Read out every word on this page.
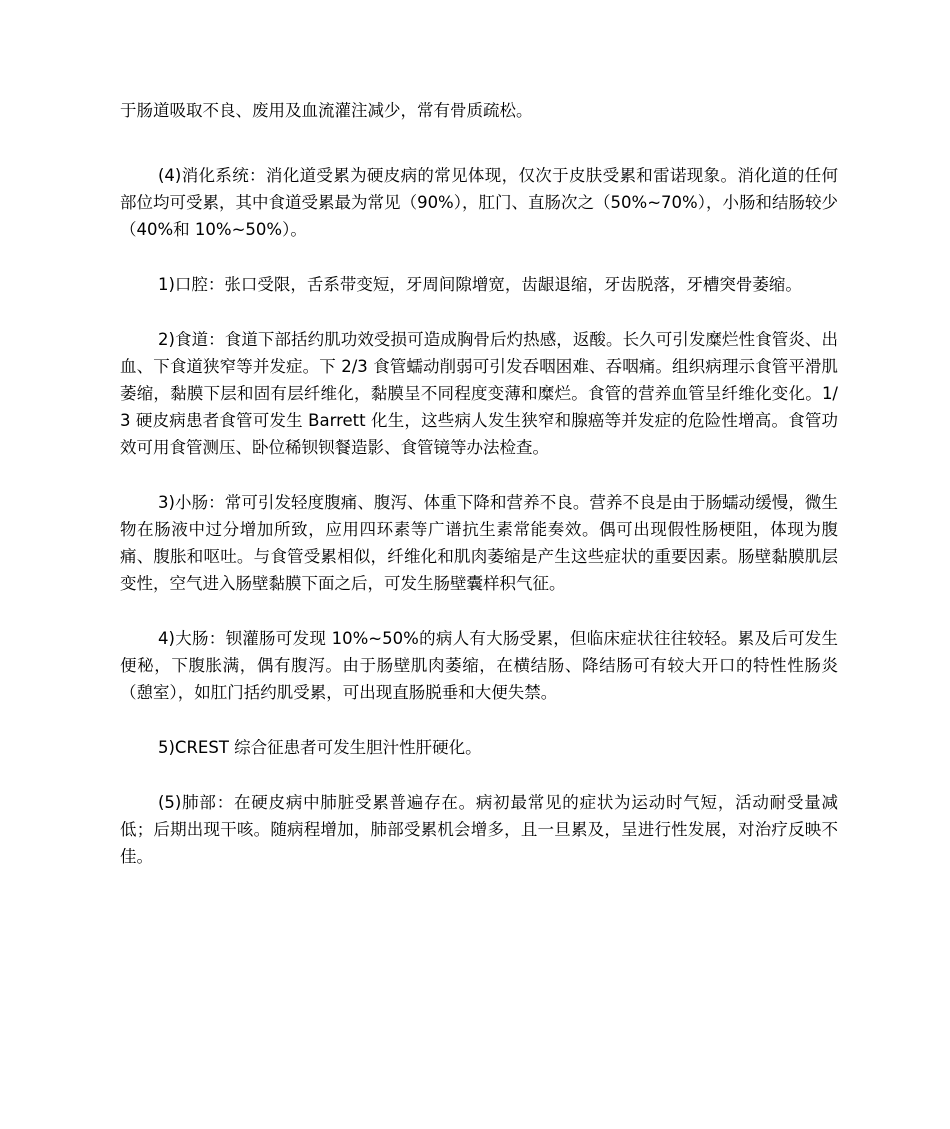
于肠道吸取不良、废用及血流灌注减少，常有骨质疏松。

(4)消化系统：消化道受累为硬皮病的常见体现，仅次于皮肤受累和雷诺现象。消化道的任何部位均可受累，其中食道受累最为常见（90%），肛门、直肠次之（50%~70%），小肠和结肠较少（40%和 10%~50%）。

1)口腔：张口受限，舌系带变短，牙周间隙增宽，齿龈退缩，牙齿脱落，牙槽突骨萎缩。

2)食道：食道下部括约肌功效受损可造成胸骨后灼热感，返酸。长久可引发糜烂性食管炎、出血、下食道狭窄等并发症。下 2/3 食管蠕动削弱可引发吞咽困难、吞咽痛。组织病理示食管平滑肌萎缩，黏膜下层和固有层纤维化，黏膜呈不同程度变薄和糜烂。食管的营养血管呈纤维化变化。1/3 硬皮病患者食管可发生 Barrett 化生，这些病人发生狭窄和腺癌等并发症的危险性增高。食管功效可用食管测压、卧位稀钡钡餐造影、食管镜等办法检查。

3)小肠：常可引发轻度腹痛、腹泻、体重下降和营养不良。营养不良是由于肠蠕动缓慢，微生物在肠液中过分增加所致，应用四环素等广谱抗生素常能奏效。偶可出现假性肠梗阻，体现为腹痛、腹胀和呕吐。与食管受累相似，纤维化和肌肉萎缩是产生这些症状的重要因素。肠壁黏膜肌层变性，空气进入肠壁黏膜下面之后，可发生肠壁囊样积气征。

4)大肠：钡灌肠可发现 10%~50%的病人有大肠受累，但临床症状往往较轻。累及后可发生便秘，下腹胀满，偶有腹泻。由于肠壁肌肉萎缩，在横结肠、降结肠可有较大开口的特性性肠炎（憩室），如肛门括约肌受累，可出现直肠脱垂和大便失禁。

5)CREST 综合征患者可发生胆汁性肝硬化。

(5)肺部：在硬皮病中肺脏受累普遍存在。病初最常见的症状为运动时气短，活动耐受量减低；后期出现干咳。随病程增加，肺部受累机会增多，且一旦累及，呈进行性发展，对治疗反映不佳。
